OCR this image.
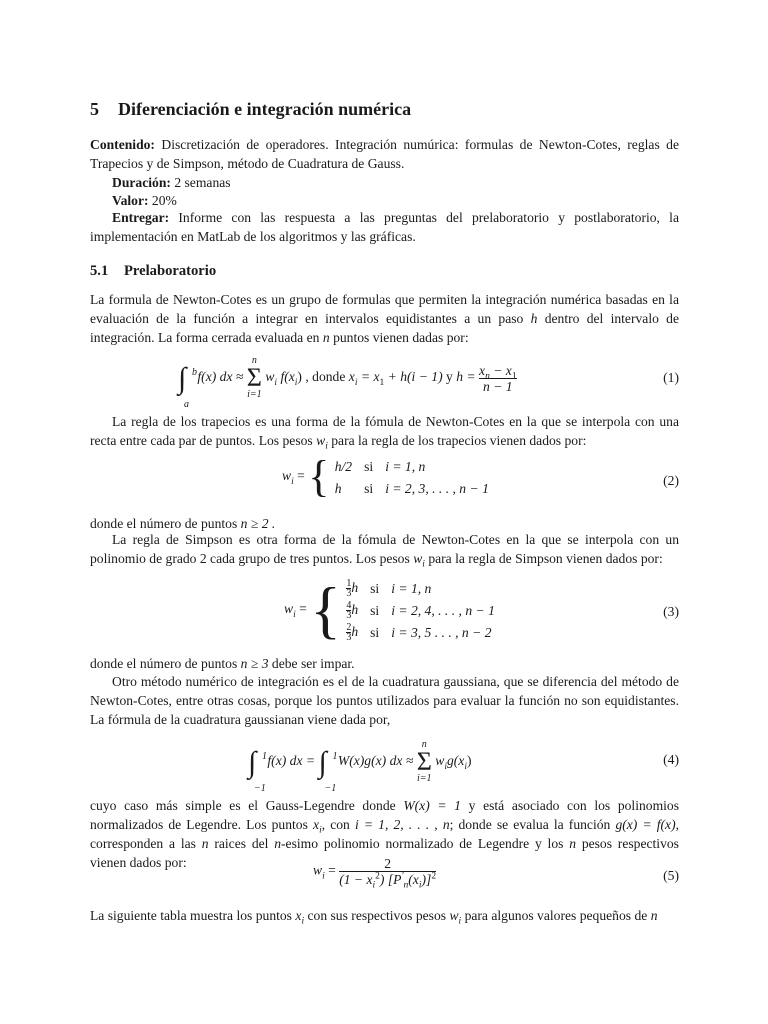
5 Diferenciación e integración numérica
Contenido: Discretización de operadores. Integración numúrica: formulas de Newton-Cotes, reglas de Trapecios y de Simpson, método de Cuadratura de Gauss.
Duración: 2 semanas
Valor: 20%
Entregar: Informe con las respuesta a las preguntas del prelaboratorio y postlaboratorio, la implementación en MatLab de los algoritmos y las gráficas.
5.1 Prelaboratorio
La formula de Newton-Cotes es un grupo de formulas que permiten la integración numérica basadas en la evaluación de la función a integrar en intervalos equidistantes a un paso h dentro del intervalo de integración. La forma cerrada evaluada en n puntos vienen dadas por:
∫ b
a
f(x) dx ≈
n
Σ
i=1
$w_i$ $f(x_i)$ , donde $x_i = x_1 + h(i - 1)$ y $h = \frac{x_n - x_1}{n - 1}$	(1)
La regla de los trapecios es una forma de la fómula de Newton-Cotes en la que se interpola con una recta entre cada par de puntos. Los pesos $w_i$ para la regla de los trapecios vienen dados por:
$w_i$ = { h/2	si	i = 1, n
h	si	i = 2, 3, . . . , n − 1	(2)
donde el número de puntos n ≥ 2 .
La regla de Simpson es otra forma de la fómula de Newton-Cotes en la que se interpola con un polinomio de grado 2 cada grupo de tres puntos. Los pesos $w_i$ para la regla de Simpson vienen dados por:
$w_i$ = { $\frac{1}{3}$ h	si	i = 1, n

$\frac{4}{3}$ h	si	i = 2, 4, . . . , n − 1

$\frac{2}{3}$ h	si	i = 3, 5 . . . , n − 2
(3)
donde el número de puntos n ≥ 3 debe ser impar.
Otro método numérico de integración es el de la cuadratura gaussiana, que se diferencia del método de Newton-Cotes, entre otras cosas, porque los puntos utilizados para evaluar la función no son equidistantes. La fórmula de la cuadratura gaussianan viene dada por,
∫ 1
−1
f(x) dx = ∫ 1
−1
W(x)g(x) dx ≈
n
Σ
i=1
$w_ig(x_i)$	(4)
cuyo caso más simple es el Gauss-Legendre donde W(x) = 1 y está asociado con los polinomios normalizados de Legendre. Los puntos $x_i$, con i = 1, 2, . . . , n; donde se evalua la función g(x) = f(x), corresponden a las n raices del n-esimo polinomio normalizado de Legendre y los n pesos respectivos vienen dados por:
$w_i = \frac{2}{(1 - x_i^2) [P'_n(x_i)]^2}$	(5)
La siguiente tabla muestra los puntos $x_i$ con sus respectivos pesos $w_i$ para algunos valores pequeños de n
